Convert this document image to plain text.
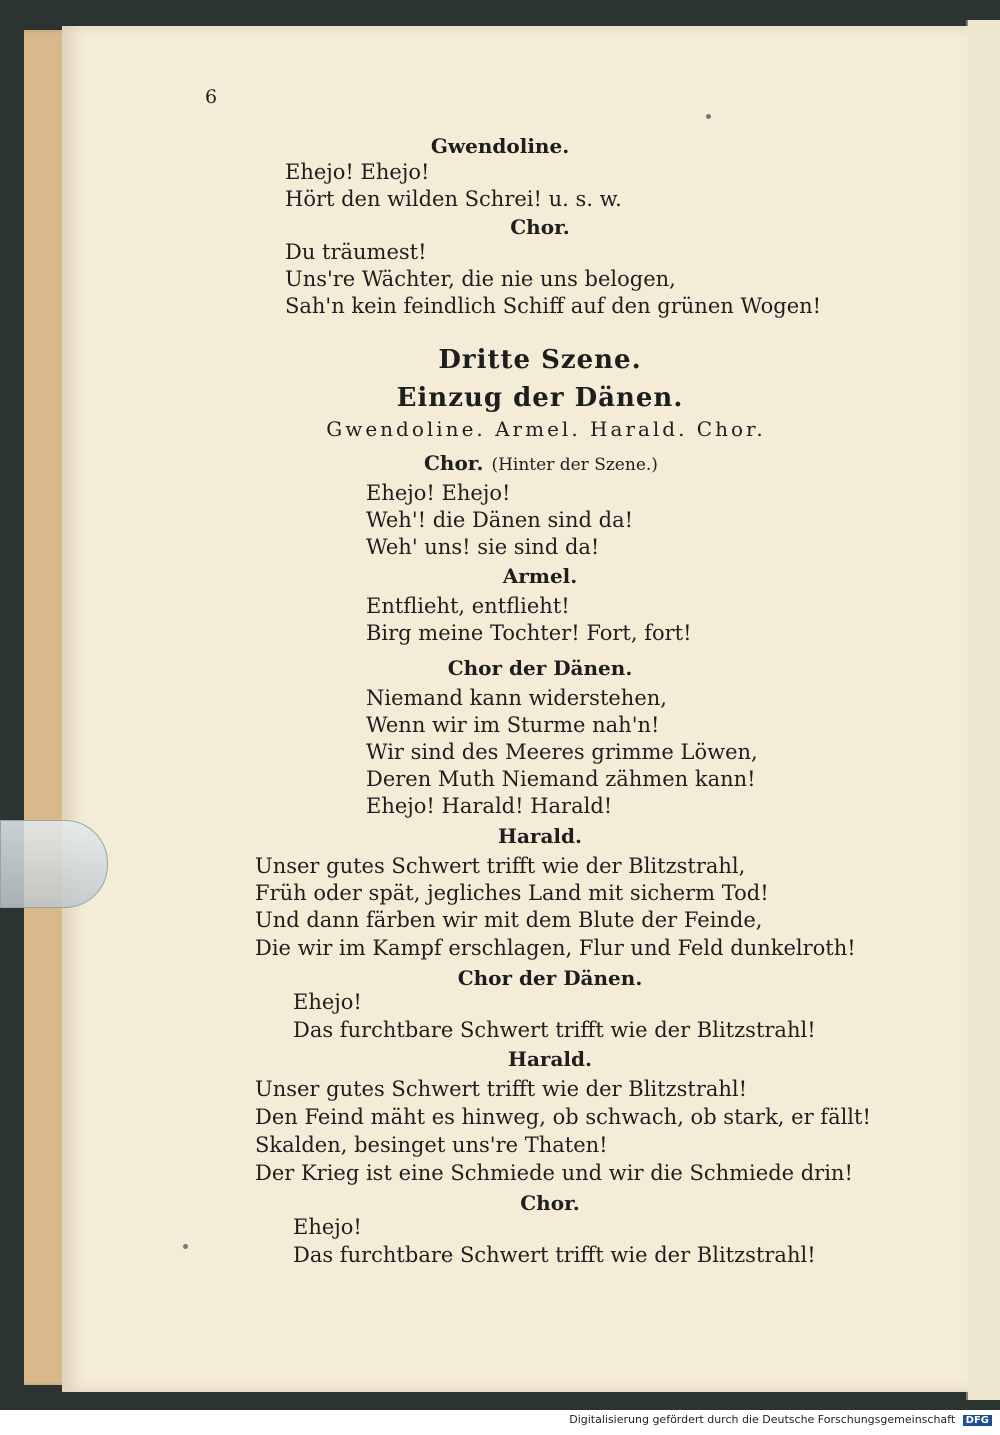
6
Gwendoline.
Ehejo! Ehejo!
Hört den wilden Schrei! u. s. w.
Chor.
Du träumest!
Uns're Wächter, die nie uns belogen,
Sah'n kein feindlich Schiff auf den grünen Wogen!
Dritte Szene.
Einzug der Dänen.
Gwendoline. Armel. Harald. Chor.
Chor. (Hinter der Szene.)
Ehejo! Ehejo!
Weh'! die Dänen sind da!
Weh' uns! sie sind da!
Armel.
Entflieht, entflieht!
Birg meine Tochter! Fort, fort!
Chor der Dänen.
Niemand kann widerstehen,
Wenn wir im Sturme nah'n!
Wir sind des Meeres grimme Löwen,
Deren Muth Niemand zähmen kann!
Ehejo! Harald! Harald!
Harald.
Unser gutes Schwert trifft wie der Blitzstrahl,
Früh oder spät, jegliches Land mit sicherm Tod!
Und dann färben wir mit dem Blute der Feinde,
Die wir im Kampf erschlagen, Flur und Feld dunkelroth!
Chor der Dänen.
Ehejo!
Das furchtbare Schwert trifft wie der Blitzstrahl!
Harald.
Unser gutes Schwert trifft wie der Blitzstrahl!
Den Feind mäht es hinweg, ob schwach, ob stark, er fällt!
Skalden, besinget uns're Thaten!
Der Krieg ist eine Schmiede und wir die Schmiede drin!
Chor.
Ehejo!
Das furchtbare Schwert trifft wie der Blitzstrahl!
Digitalisierung gefördert durch die Deutsche Forschungsgemeinschaft DFG
